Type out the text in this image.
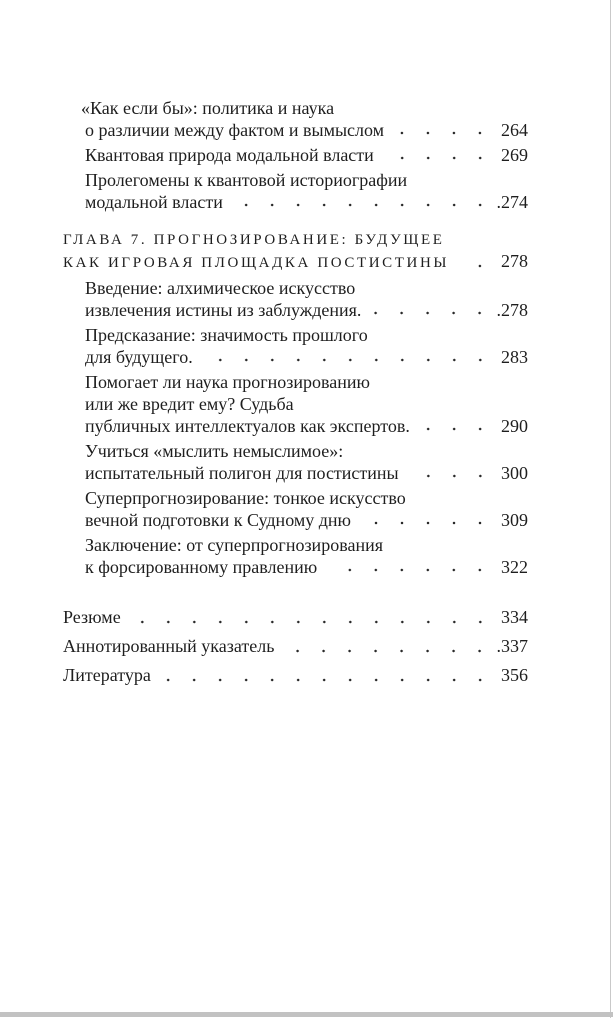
«Как если бы»: политика и наука
о различии между фактом и вымыслом	264
Квантовая природа модальной власти	269
Пролегомены к квантовой историографии
модальной власти	.274
ГЛАВА 7. ПРОГНОЗИРОВАНИЕ: БУДУЩЕЕ
КАК ИГРОВАЯ ПЛОЩАДКА ПОСТИСТИНЫ	278
Введение: алхимическое искусство
извлечения истины из заблуждения.	.278
Предсказание: значимость прошлого
для будущего.	283
Помогает ли наука прогнозированию
или же вредит ему? Судьба
публичных интеллектуалов как экспертов.	290
Учиться «мыслить немыслимое»:
испытательный полигон для постистины	300
Суперпрогнозирование: тонкое искусство
вечной подготовки к Судному дню	309
Заключение: от суперпрогнозирования
к форсированному правлению	322
Резюме	334
Аннотированный указатель	.337
Литература	356
